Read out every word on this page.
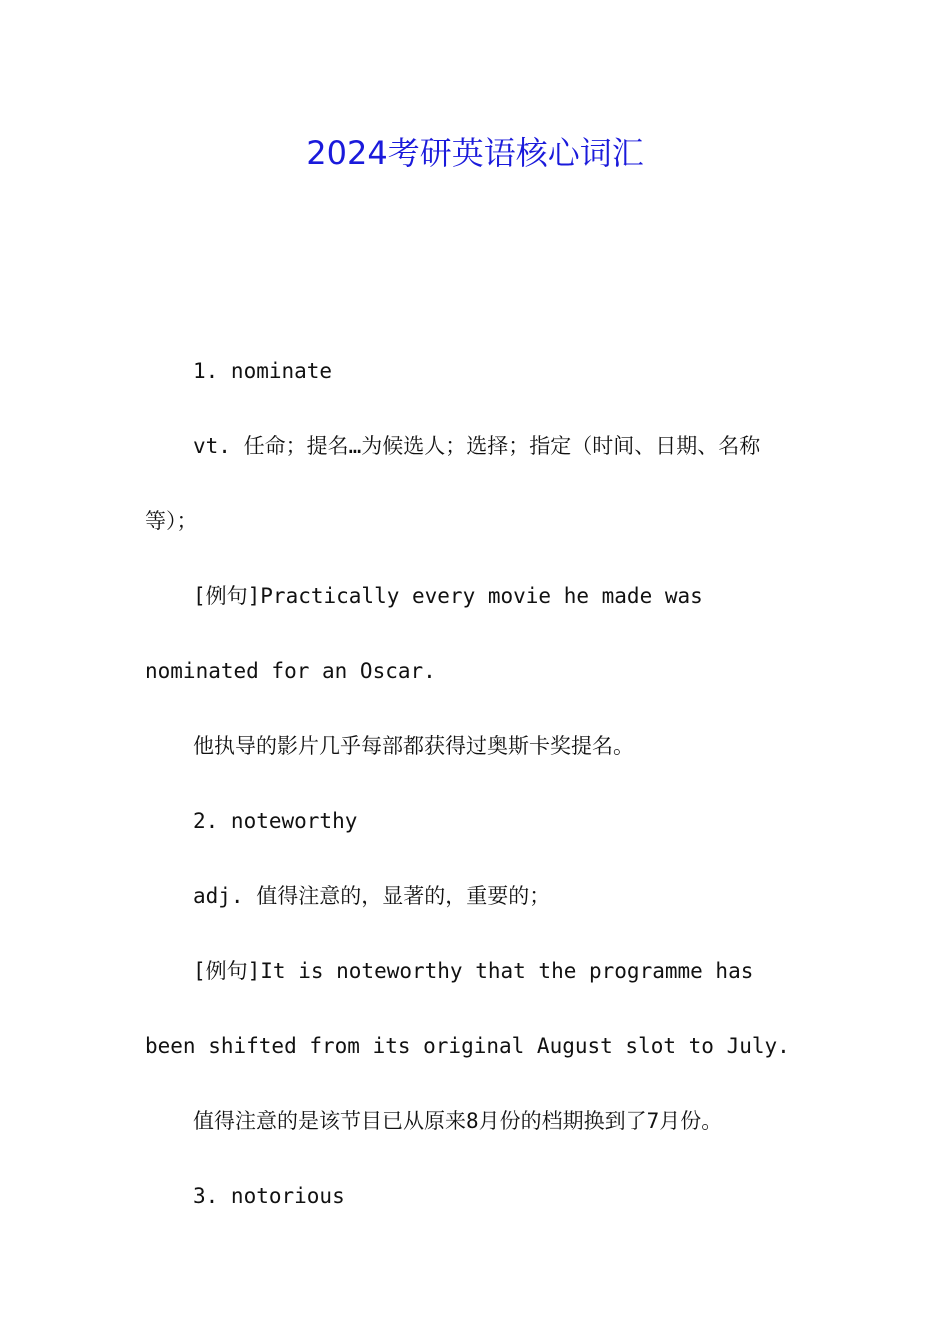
2024考研英语核心词汇

1. nominate

vt. 任命；提名…为候选人；选择；指定（时间、日期、名称等）；

[例句]Practically every movie he made was nominated for an Oscar.

他执导的影片几乎每部都获得过奥斯卡奖提名。

2. noteworthy

adj. 值得注意的，显著的，重要的；

[例句]It is noteworthy that the programme has been shifted from its original August slot to July.

值得注意的是该节目已从原来8月份的档期换到了7月份。

3. notorious
